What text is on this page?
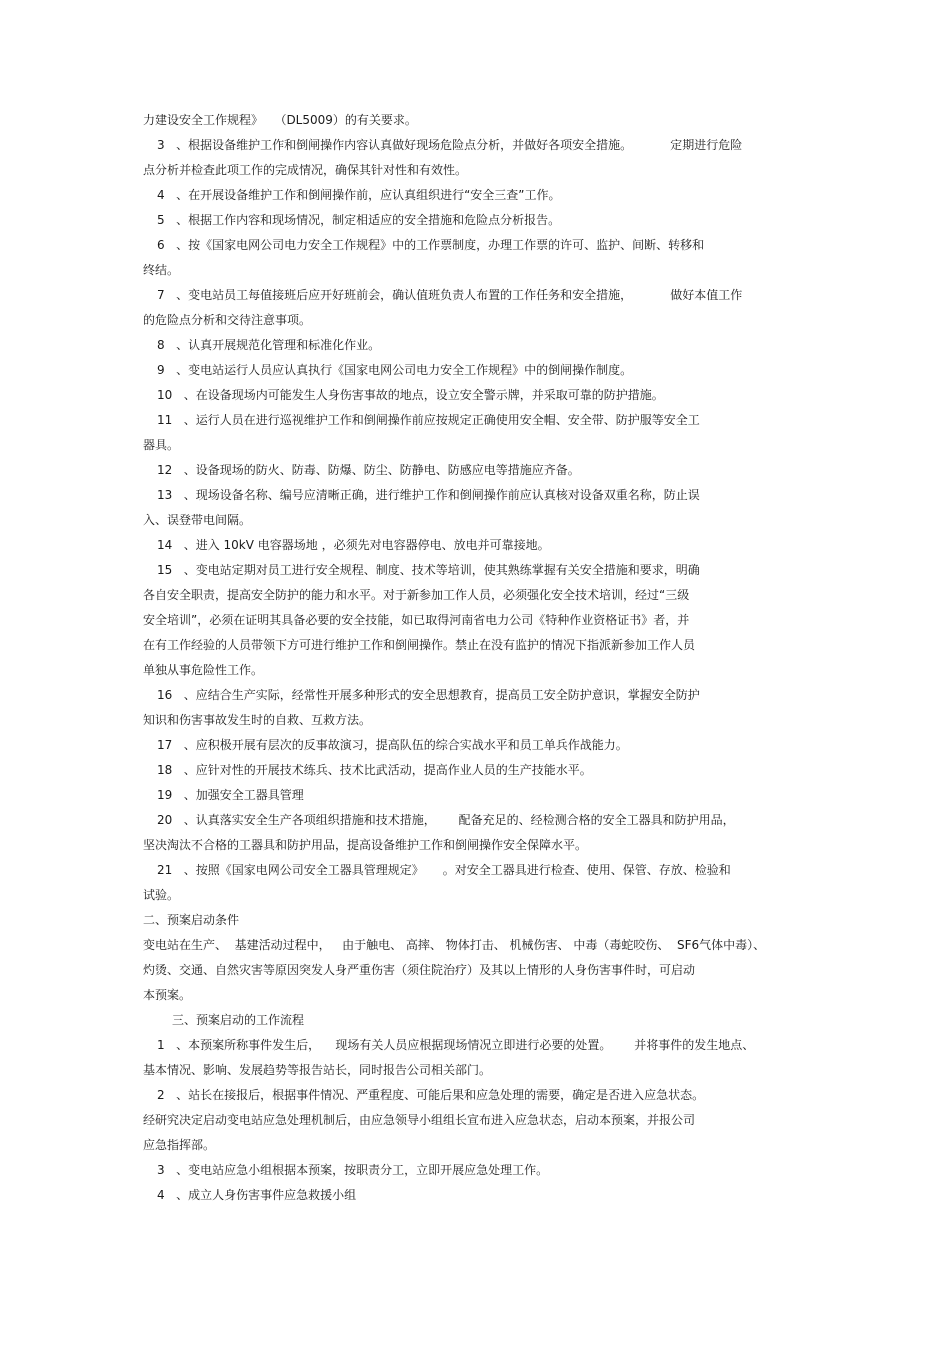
力建设安全工作规程》   （DL5009）的有关要求。
3   、根据设备维护工作和倒闸操作内容认真做好现场危险点分析，并做好各项安全措施。          定期进行危险
点分析并检查此项工作的完成情况，确保其针对性和有效性。
4   、在开展设备维护工作和倒闸操作前，应认真组织进行“安全三查”工作。
5   、根据工作内容和现场情况，制定相适应的安全措施和危险点分析报告。
6   、按《国家电网公司电力安全工作规程》中的工作票制度，办理工作票的许可、监护、间断、转移和
终结。
7   、变电站员工每值接班后应开好班前会，确认值班负责人布置的工作任务和安全措施，          做好本值工作
的危险点分析和交待注意事项。
8   、认真开展规范化管理和标准化作业。
9   、变电站运行人员应认真执行《国家电网公司电力安全工作规程》中的倒闸操作制度。
10   、在设备现场内可能发生人身伤害事故的地点，设立安全警示牌，并采取可靠的防护措施。
11   、运行人员在进行巡视维护工作和倒闸操作前应按规定正确使用安全帽、安全带、防护服等安全工
器具。
12   、设备现场的防火、防毒、防爆、防尘、防静电、防感应电等措施应齐备。
13   、现场设备名称、编号应清晰正确，进行维护工作和倒闸操作前应认真核对设备双重名称，防止误
入、误登带电间隔。
14   、进入 10kV 电容器场地 ，必须先对电容器停电、放电并可靠接地。
15   、变电站定期对员工进行安全规程、制度、技术等培训，使其熟练掌握有关安全措施和要求，明确
各自安全职责，提高安全防护的能力和水平。对于新参加工作人员，必须强化安全技术培训，经过“三级
安全培训”，必须在证明其具备必要的安全技能，如已取得河南省电力公司《特种作业资格证书》者，并
在有工作经验的人员带领下方可进行维护工作和倒闸操作。禁止在没有监护的情况下指派新参加工作人员
单独从事危险性工作。
16   、应结合生产实际，经常性开展多种形式的安全思想教育，提高员工安全防护意识，掌握安全防护
知识和伤害事故发生时的自救、互救方法。
17   、应积极开展有层次的反事故演习，提高队伍的综合实战水平和员工单兵作战能力。
18   、应针对性的开展技术练兵、技术比武活动，提高作业人员的生产技能水平。
19   、加强安全工器具管理
20   、认真落实安全生产各项组织措施和技术措施，      配备充足的、经检测合格的安全工器具和防护用品，
坚决淘汰不合格的工器具和防护用品，提高设备维护工作和倒闸操作安全保障水平。
21   、按照《国家电网公司安全工器具管理规定》     。对安全工器具进行检查、使用、保管、存放、检验和
试验。
二、预案启动条件
变电站在生产、  基建活动过程中，   由于触电、 高摔、 物体打击、 机械伤害、 中毒（毒蛇咬伤、  SF6气体中毒）、
灼烫、交通、自然灾害等原因突发人身严重伤害（须住院治疗）及其以上情形的人身伤害事件时，可启动
本预案。
三、预案启动的工作流程
1   、本预案所称事件发生后，    现场有关人员应根据现场情况立即进行必要的处置。      并将事件的发生地点、
基本情况、影响、发展趋势等报告站长，同时报告公司相关部门。
2   、站长在接报后，根据事件情况、严重程度、可能后果和应急处理的需要，确定是否进入应急状态。
经研究决定启动变电站应急处理机制后，由应急领导小组组长宣布进入应急状态，启动本预案，并报公司
应急指挥部。
3   、变电站应急小组根据本预案，按职责分工，立即开展应急处理工作。
4   、成立人身伤害事件应急救援小组
